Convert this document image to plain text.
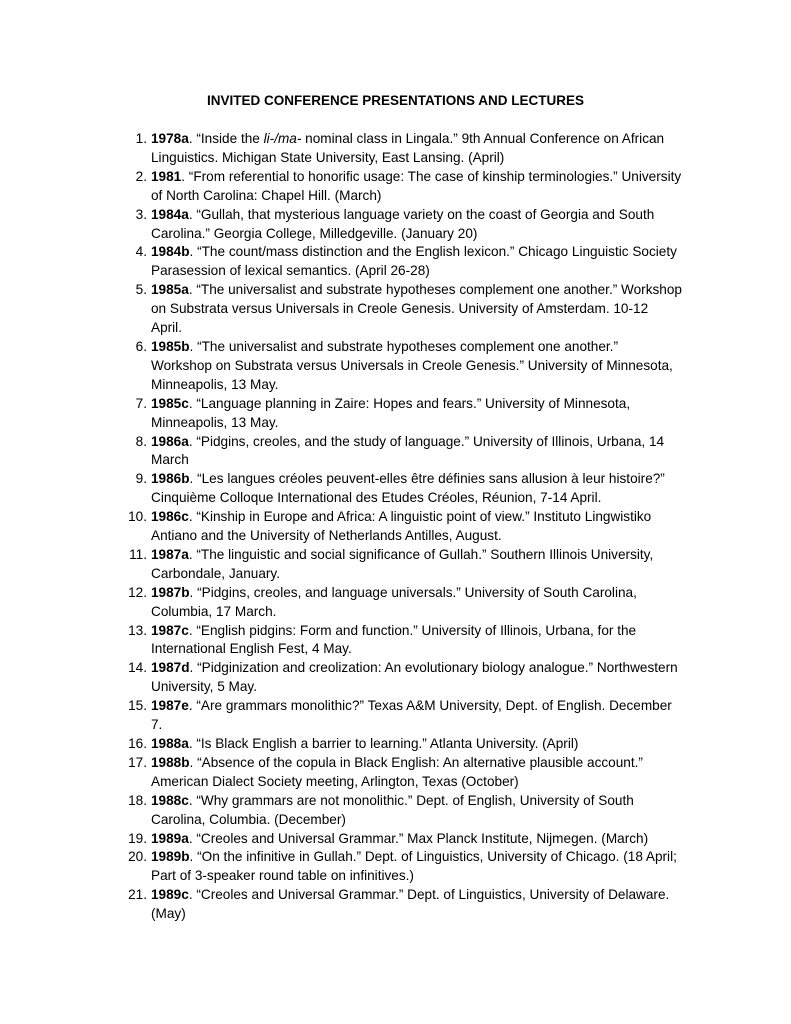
INVITED CONFERENCE PRESENTATIONS AND LECTURES
1. 1978a. “Inside the li-/ma- nominal class in Lingala.” 9th Annual Conference on African Linguistics. Michigan State University, East Lansing. (April)
2. 1981. “From referential to honorific usage: The case of kinship terminologies.” University of North Carolina: Chapel Hill. (March)
3. 1984a. “Gullah, that mysterious language variety on the coast of Georgia and South Carolina.” Georgia College, Milledgeville. (January 20)
4. 1984b. “The count/mass distinction and the English lexicon.” Chicago Linguistic Society Parasession of lexical semantics. (April 26-28)
5. 1985a. “The universalist and substrate hypotheses complement one another.” Workshop on Substrata versus Universals in Creole Genesis. University of Amsterdam. 10-12 April.
6. 1985b. “The universalist and substrate hypotheses complement one another.” Workshop on Substrata versus Universals in Creole Genesis.” University of Minnesota, Minneapolis, 13 May.
7. 1985c. “Language planning in Zaire: Hopes and fears.” University of Minnesota, Minneapolis, 13 May.
8. 1986a. “Pidgins, creoles, and the study of language.” University of Illinois, Urbana, 14 March
9. 1986b. “Les langues créoles peuvent-elles être définies sans allusion à leur histoire?” Cinquième Colloque International des Etudes Créoles, Réunion, 7-14 April.
10. 1986c. “Kinship in Europe and Africa: A linguistic point of view.” Instituto Lingwistiko Antiano and the University of Netherlands Antilles, August.
11. 1987a. “The linguistic and social significance of Gullah.” Southern Illinois University, Carbondale, January.
12. 1987b. “Pidgins, creoles, and language universals.” University of South Carolina, Columbia, 17 March.
13. 1987c. “English pidgins: Form and function.” University of Illinois, Urbana, for the International English Fest, 4 May.
14. 1987d. “Pidginization and creolization: An evolutionary biology analogue.” Northwestern University, 5 May.
15. 1987e. “Are grammars monolithic?” Texas A&M University, Dept. of English. December 7.
16. 1988a. “Is Black English a barrier to learning.” Atlanta University. (April)
17. 1988b. “Absence of the copula in Black English: An alternative plausible account.” American Dialect Society meeting, Arlington, Texas (October)
18. 1988c. “Why grammars are not monolithic.” Dept. of English, University of South Carolina, Columbia. (December)
19. 1989a. “Creoles and Universal Grammar.” Max Planck Institute, Nijmegen. (March)
20. 1989b. “On the infinitive in Gullah.” Dept. of Linguistics, University of Chicago. (18 April; Part of 3-speaker round table on infinitives.)
21. 1989c. “Creoles and Universal Grammar.” Dept. of Linguistics, University of Delaware. (May)
